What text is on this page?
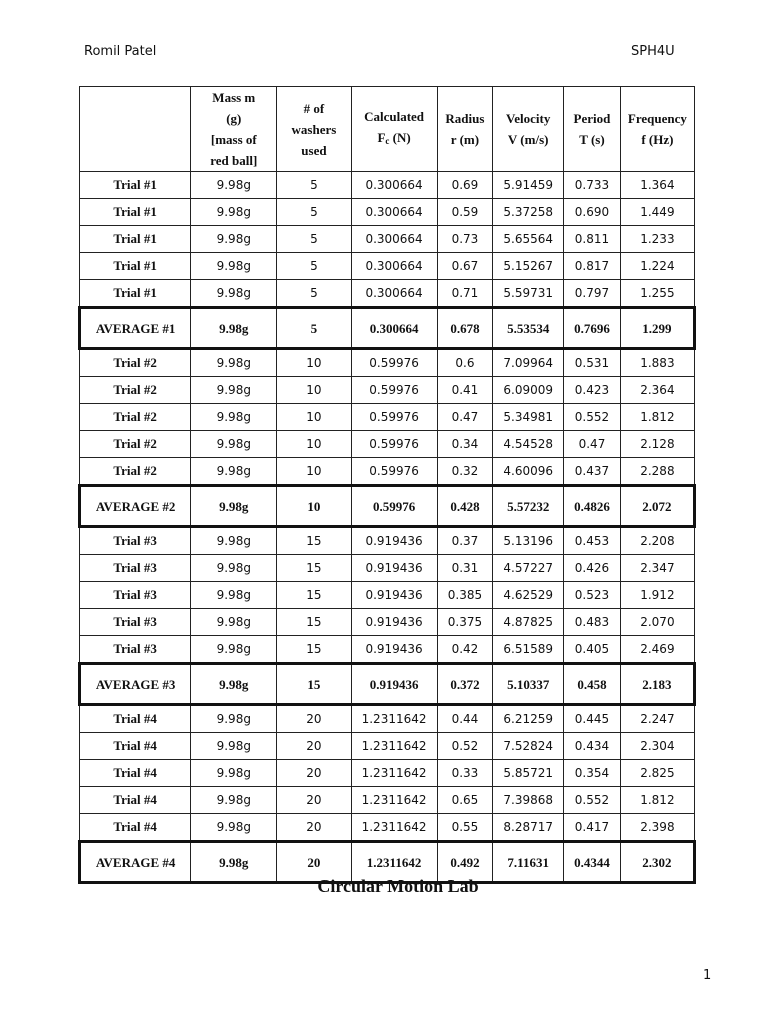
Romil Patel	SPH4U
	Mass m
(g)
[mass of
red ball]	# of
washers
used	Calculated
$F_c$ (N)	Radius
r (m)	Velocity
V (m/s)	Period
T (s)	Frequency
f (Hz)
Trial #1	9.98g	5	0.300664	0.69	5.91459	0.733	1.364
Trial #1	9.98g	5	0.300664	0.59	5.37258	0.690	1.449
Trial #1	9.98g	5	0.300664	0.73	5.65564	0.811	1.233
Trial #1	9.98g	5	0.300664	0.67	5.15267	0.817	1.224
Trial #1	9.98g	5	0.300664	0.71	5.59731	0.797	1.255
AVERAGE #1	9.98g	5	0.300664	0.678	5.53534	0.7696	1.299
Trial #2	9.98g	10	0.59976	0.6	7.09964	0.531	1.883
Trial #2	9.98g	10	0.59976	0.41	6.09009	0.423	2.364
Trial #2	9.98g	10	0.59976	0.47	5.34981	0.552	1.812
Trial #2	9.98g	10	0.59976	0.34	4.54528	0.47	2.128
Trial #2	9.98g	10	0.59976	0.32	4.60096	0.437	2.288
AVERAGE #2	9.98g	10	0.59976	0.428	5.57232	0.4826	2.072
Trial #3	9.98g	15	0.919436	0.37	5.13196	0.453	2.208
Trial #3	9.98g	15	0.919436	0.31	4.57227	0.426	2.347
Trial #3	9.98g	15	0.919436	0.385	4.62529	0.523	1.912
Trial #3	9.98g	15	0.919436	0.375	4.87825	0.483	2.070
Trial #3	9.98g	15	0.919436	0.42	6.51589	0.405	2.469
AVERAGE #3	9.98g	15	0.919436	0.372	5.10337	0.458	2.183
Trial #4	9.98g	20	1.2311642	0.44	6.21259	0.445	2.247
Trial #4	9.98g	20	1.2311642	0.52	7.52824	0.434	2.304
Trial #4	9.98g	20	1.2311642	0.33	5.85721	0.354	2.825
Trial #4	9.98g	20	1.2311642	0.65	7.39868	0.552	1.812
Trial #4	9.98g	20	1.2311642	0.55	8.28717	0.417	2.398
AVERAGE #4	9.98g	20	1.2311642	0.492	7.11631	0.4344	2.302
Circular Motion Lab
1
